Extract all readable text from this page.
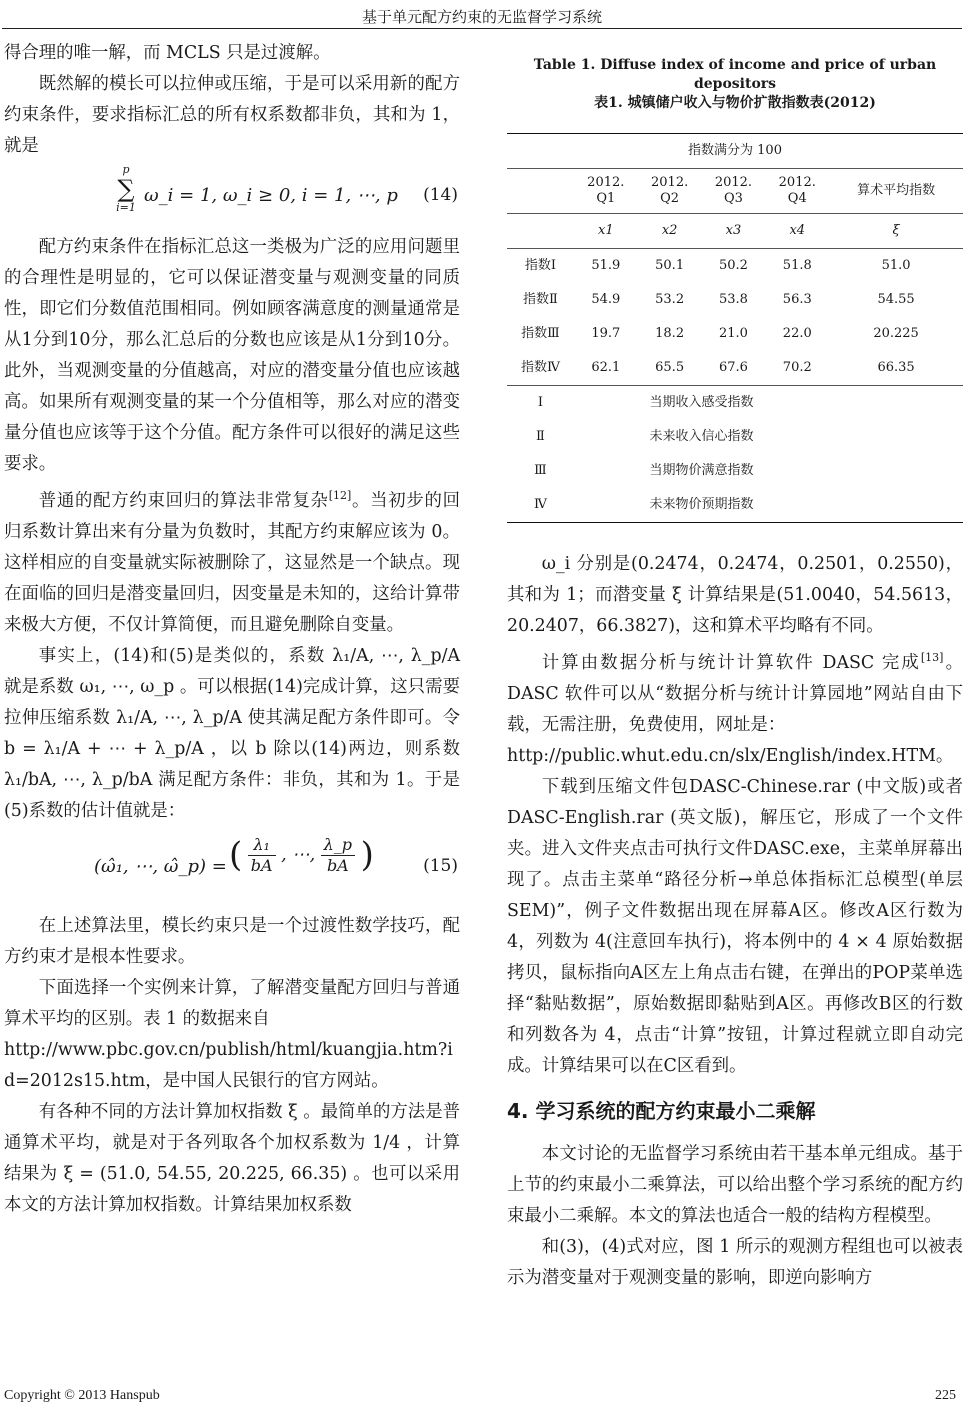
基于单元配方约束的无监督学习系统

得合理的唯一解，而 MCLS 只是过渡解。

既然解的模长可以拉伸或压缩，于是可以采用新的配方约束条件，要求指标汇总的所有权系数都非负，其和为 1，就是

p
∑
i=1
ω_i = 1, ω_i ≥ 0, i = 1, ⋯, p (14)

配方约束条件在指标汇总这一类极为广泛的应用问题里的合理性是明显的，它可以保证潜变量与观测变量的同质性，即它们分数值范围相同。例如顾客满意度的测量通常是从1分到10分，那么汇总后的分数也应该是从1分到10分。此外，当观测变量的分值越高，对应的潜变量分值也应该越高。如果所有观测变量的某一个分值相等，那么对应的潜变量分值也应该等于这个分值。配方条件可以很好的满足这些要求。

普通的配方约束回归的算法非常复杂[12]。当初步的回归系数计算出来有分量为负数时，其配方约束解应该为 0。这样相应的自变量就实际被删除了，这显然是一个缺点。现在面临的回归是潜变量回归，因变量是未知的，这给计算带来极大方便，不仅计算简便，而且避免删除自变量。

事实上，(14)和(5)是类似的，系数 λ₁/A, ⋯, λ_p/A 就是系数 ω₁, ⋯, ω_p 。可以根据(14)完成计算，这只需要拉伸压缩系数 λ₁/A, ⋯, λ_p/A 使其满足配方条件即可。令 b = λ₁/A + ⋯ + λ_p/A ，以 b 除以(14)两边，则系数 λ₁/bA, ⋯, λ_p/bA 满足配方条件：非负，其和为 1。于是(5)系数的估计值就是：

(ω̂₁, ⋯, ω̂_p) = ( $\frac{\text{λ₁}}{bA}$ , ⋯, $\frac{\lambda\_p}{bA}$ )	(15)

在上述算法里，模长约束只是一个过渡性数学技巧，配方约束才是根本性要求。

下面选择一个实例来计算，了解潜变量配方回归与普通算术平均的区别。表 1 的数据来自

http://www.pbc.gov.cn/publish/html/kuangjia.htm?id=2012s15.htm，是中国人民银行的官方网站。

有各种不同的方法计算加权指数 ξ 。最简单的方法是普通算术平均，就是对于各列取各个加权系数为 1/4 ，计算结果为 ξ = (51.0, 54.55, 20.225, 66.35) 。也可以采用本文的方法计算加权指数。计算结果加权系数

Table 1. Diffuse index of income and price of urban depositors
表1. 城镇储户收入与物价扩散指数表(2012)
指数满分为 100					
	2012.
Q1	2012.
Q2	2012.
Q3	2012.
Q4	算术平均指数
	x1	x2	x3	x4	ξ
指数Ⅰ	51.9	50.1	50.2	51.8	51.0
指数Ⅱ	54.9	53.2	53.8	56.3	54.55
指数Ⅲ	19.7	18.2	21.0	22.0	20.225
指数Ⅳ	62.1	65.5	67.6	70.2	66.35
Ⅰ	当期收入感受指数				
Ⅱ	未来收入信心指数				
Ⅲ	当期物价满意指数				
Ⅳ	未来物价预期指数				

ω_i 分别是(0.2474，0.2474，0.2501，0.2550)，其和为 1；而潜变量 ξ 计算结果是(51.0040，54.5613，20.2407，66.3827)，这和算术平均略有不同。

计算由数据分析与统计计算软件 DASC 完成[13]。DASC 软件可以从“数据分析与统计计算园地”网站自由下载，无需注册，免费使用，网址是：

http://public.whut.edu.cn/slx/English/index.HTM。

下载到压缩文件包DASC-Chinese.rar (中文版)或者DASC-English.rar (英文版)，解压它，形成了一个文件夹。进入文件夹点击可执行文件DASC.exe，主菜单屏幕出现了。点击主菜单“路径分析→单总体指标汇总模型(单层SEM)”，例子文件数据出现在屏幕A区。修改A区行数为 4，列数为 4(注意回车执行)，将本例中的 4 × 4 原始数据拷贝，鼠标指向A区左上角点击右键，在弹出的POP菜单选择“黏贴数据”，原始数据即黏贴到A区。再修改B区的行数和列数各为 4，点击“计算”按钮，计算过程就立即自动完成。计算结果可以在C区看到。

4. 学习系统的配方约束最小二乘解

本文讨论的无监督学习系统由若干基本单元组成。基于上节的约束最小二乘算法，可以给出整个学习系统的配方约束最小二乘解。本文的算法也适合一般的结构方程模型。

和(3)，(4)式对应，图 1 所示的观测方程组也可以被表示为潜变量对于观测变量的影响，即逆向影响方

Copyright © 2013 Hanspub	225
